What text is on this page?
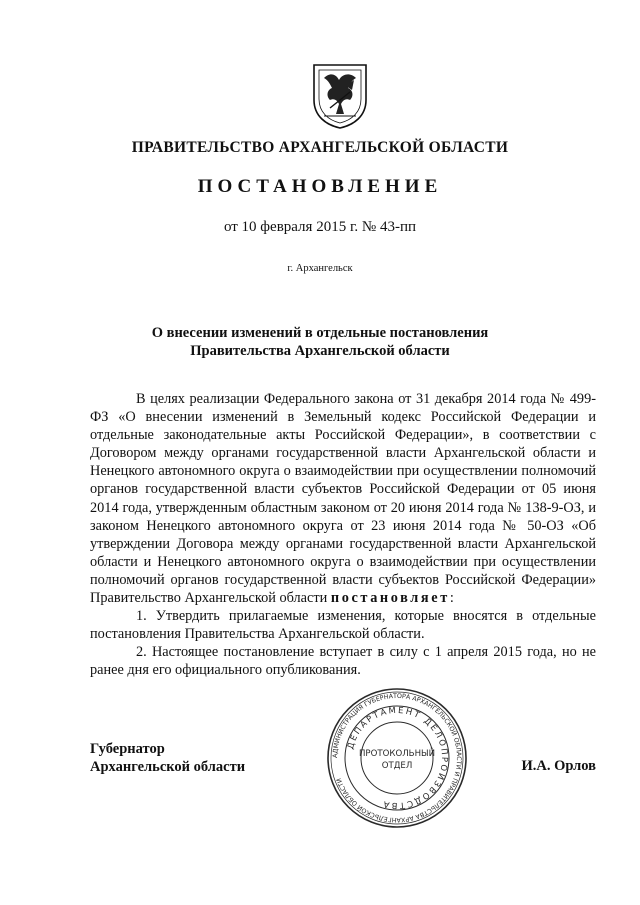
ПРАВИТЕЛЬСТВО АРХАНГЕЛЬСКОЙ ОБЛАСТИ
ПОСТАНОВЛЕНИЕ
от 10 февраля 2015 г. № 43-пп
г. Архангельск
О внесении изменений в отдельные постановления
Правительства Архангельской области

В целях реализации Федерального закона от 31 декабря 2014 года № 499-ФЗ «О внесении изменений в Земельный кодекс Российской Федерации и отдельные законодательные акты Российской Федерации», в соответствии с Договором между органами государственной власти Архангельской области и Ненецкого автономного округа о взаимодействии при осуществлении полномочий органов государственной власти субъектов Российской Федерации от 05 июня 2014 года, утвержденным областным законом от 20 июня 2014 года № 138-9-ОЗ, и законом Ненецкого автономного округа от 23 июня 2014 года № 50-ОЗ «Об утверждении Договора между органами государственной власти Архангельской области и Ненецкого автономного округа о взаимодействии при осуществлении полномочий органов государственной власти субъектов Российской Федерации» Правительство Архангельской области постановляет:

1. Утвердить прилагаемые изменения, которые вносятся в отдельные постановления Правительства Архангельской области.

2. Настоящее постановление вступает в силу с 1 апреля 2015 года, но не ранее дня его официального опубликования.

Губернатор
Архангельской области	И.А. Орлов
АДМИНИСТРАЦИЯ ГУБЕРНАТОРА АРХАНГЕЛЬСКОЙ ОБЛАСТИ И ПРАВИТЕЛЬСТВА АРХАНГЕЛЬСКОЙ ОБЛАСТИ
ДЕПАРТАМЕНТ ДЕЛОПРОИЗВОДСТВА
ПРОТОКОЛЬНЫЙ
ОТДЕЛ
